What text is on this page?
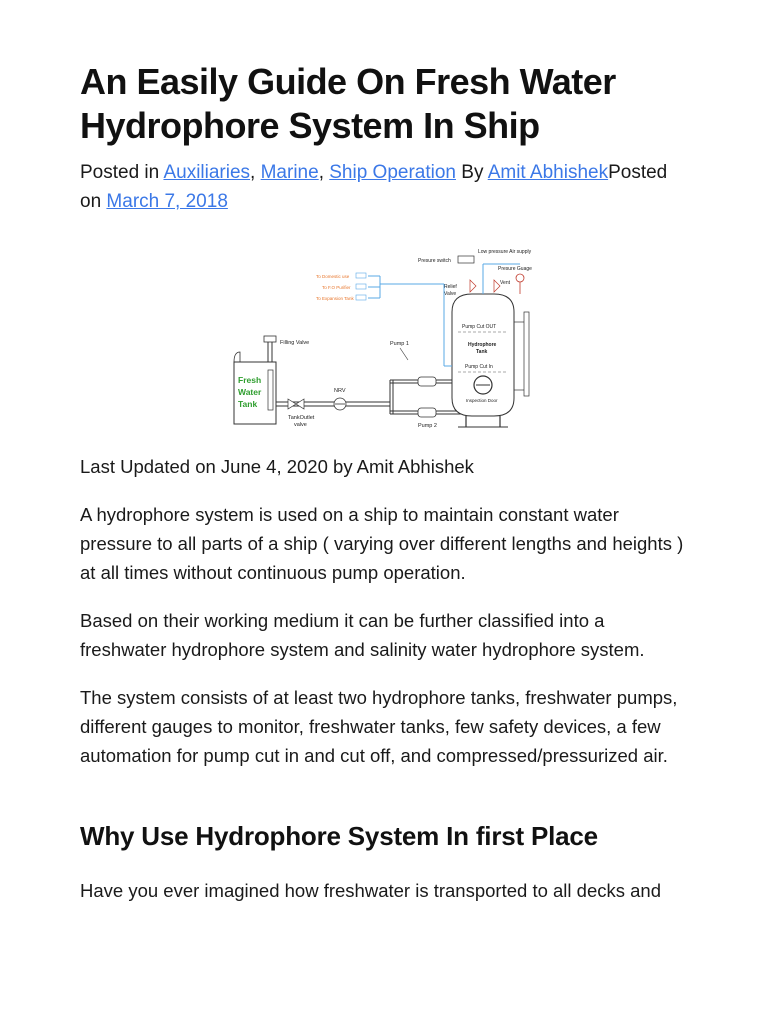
An Easily Guide On Fresh Water Hydrophore System In Ship
Posted in Auxiliaries, Marine, Ship Operation By Amit AbhishekPosted on March 7, 2018
Fresh
Water
Tank
Filling Valve
TankOutlet
valve
NRV
Pump 1
Pump 2
Pump Cut OUT
Hydrophore
Tank
Pump Cut In
Inspection Door
Presure switch
Low pressure Air supply
Presure Guage
Vent
Relief
Valve
To Domestic use
To F.O Purifier
To Expansion Tank

Last Updated on June 4, 2020 by Amit Abhishek

A hydrophore system is used on a ship to maintain constant water pressure to all parts of a ship ( varying over different lengths and heights ) at all times without continuous pump operation.

Based on their working medium it can be further classified into a freshwater hydrophore system and salinity water hydrophore system.

The system consists of at least two hydrophore tanks, freshwater pumps, different gauges to monitor, freshwater tanks, few safety devices, a few automation for pump cut in and cut off, and compressed/pressurized air.

Why Use Hydrophore System In first Place

Have you ever imagined how freshwater is transported to all decks and
